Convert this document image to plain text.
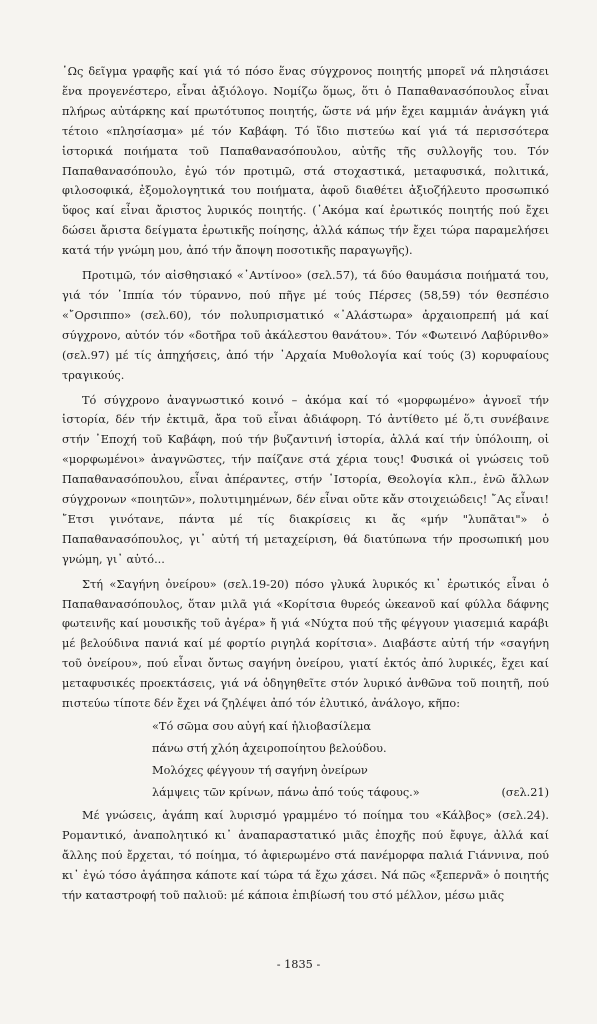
῾Ως δεῖγμα γραφῆς καί γιά τό πόσο ἕνας σύγχρονος ποιητής μπορεῖ νά πλησιάσει ἕνα προγενέστερο, εἶναι ἀξιόλογο. Νομίζω ὅμως, ὅτι ὁ Παπαθανασόπουλος εἶναι πλήρως αὐτάρκης καί πρωτότυπος ποιητής, ὥστε νά μήν ἔχει καμμιάν ἀνάγκη γιά τέτοιο «πλησίασμα» μέ τόν Καβάφη. Τό ἴδιο πιστεύω καί γιά τά περισσότερα ἱστορικά ποιήματα τοῦ Παπαθανασόπουλου, αὐτῆς τῆς συλλογῆς του. Τόν Παπαθανασόπουλο, ἐγώ τόν προτιμῶ, στά στοχαστικά, μεταφυσικά, πολιτικά, φιλοσοφικά, ἐξομολογητικά του ποιήματα, ἀφοῦ διαθέτει ἀξιοζήλευτο προσωπικό ὕφος καί εἶναι ἄριστος λυρικός ποιητής. (᾿Ακόμα καί ἐρωτικός ποιητής πού ἔχει δώσει ἄριστα δείγματα ἐρωτικῆς ποίησης, ἀλλά κάπως τήν ἔχει τώρα παραμελήσει κατά τήν γνώμη μου, ἀπό τήν ἄποψη ποσοτικῆς παραγωγῆς).

Προτιμῶ, τόν αἰσθησιακό «᾿Αντίνοο» (σελ.57), τά δύο θαυμάσια ποιήματά του, γιά τόν ῾Ιππία τόν τύραννο, πού πῆγε μέ τούς Πέρσες (58,59) τόν θεσπέσιο «῎Ορσιππο» (σελ.60), τόν πολυπρισματικό «᾿Αλάστωρα» ἀρχαιοπρεπή μά καί σύγχρονο, αὐτόν τόν «δοτῆρα τοῦ ἀκάλεστου θανάτου». Τόν «Φωτεινό Λαβύρινθο» (σελ.97) μέ τίς ἀπηχήσεις, ἀπό τήν ᾿Αρχαία Μυθολογία καί τούς (3) κορυφαίους τραγικούς.

Τό σύγχρονο ἀναγνωστικό κοινό – ἀκόμα καί τό «μορφωμένο» ἀγνοεῖ τήν ἱστορία, δέν τήν ἐκτιμᾶ, ἄρα τοῦ εἶναι ἀδιάφορη. Τό ἀντίθετο μέ ὅ,τι συνέβαινε στήν ᾿Εποχή τοῦ Καβάφη, πού τήν βυζαντινή ἱστορία, ἀλλά καί τήν ὑπόλοιπη, οἱ «μορφωμένοι» ἀναγνῶστες, τήν παίζανε στά χέρια τους! Φυσικά οἱ γνώσεις τοῦ Παπαθανασόπουλου, εἶναι ἀπέραντες, στήν ῾Ιστορία, Θεολογία κλπ., ἐνῶ ἄλλων σύγχρονων «ποιητῶν», πολυτιμημένων, δέν εἶναι οὔτε κἄν στοιχειώδεις! ῎Ας εἶναι! ῎Ετσι γινότανε, πάντα μέ τίς διακρίσεις κι ἄς «μήν "λυπᾶται"» ὁ Παπαθανασόπουλος, γι᾿ αὐτή τή μεταχείριση, θά διατύπωνα τήν προσωπική μου γνώμη, γι᾿ αὐτό...

Στή «Σαγήνη ὀνείρου» (σελ.19-20) πόσο γλυκά λυρικός κι᾿ ἐρωτικός εἶναι ὁ Παπαθανασόπουλος, ὅταν μιλᾶ γιά «Κορίτσια θυρεός ὠκεανοῦ καί φύλλα δάφνης φωτεινῆς καί μουσικῆς τοῦ ἀγέρα» ἤ γιά «Νύχτα πού τῆς φέγγουν γιασεμιά καράβι μέ βελούδινα πανιά καί μέ φορτίο ριγηλά κορίτσια». Διαβάστε αὐτή τήν «σαγήνη τοῦ ὀνείρου», πού εἶναι ὄντως σαγήνη ὀνείρου, γιατί ἐκτός ἀπό λυρικές, ἔχει καί μεταφυσικές προεκτάσεις, γιά νά ὁδηγηθεῖτε στόν λυρικό ἀνθῶνα τοῦ ποιητῆ, πού πιστεύω τίποτε δέν ἔχει νά ζηλέψει ἀπό τόν ἐλυτικό, ἀνάλογο, κῆπο:

«Τό σῶμα σου αὐγή καί ἠλιοβασίλεμα
πάνω στή χλόη ἀχειροποίητου βελούδου.
Μολόχες φέγγουν τή σαγήνη ὀνείρων
λάμψεις τῶν κρίνων, πάνω ἀπό τούς τάφους.»	(σελ.21)

Μέ γνώσεις, ἀγάπη καί λυρισμό γραμμένο τό ποίημα του «Κάλβος» (σελ.24). Ρομαντικό, ἀναπολητικό κι᾿ ἀναπαραστατικό μιᾶς ἐποχῆς πού ἔφυγε, ἀλλά καί ἄλλης πού ἔρχεται, τό ποίημα, τό ἀφιερωμένο στά πανέμορφα παλιά Γιάννινα, πού κι᾿ ἐγώ τόσο ἀγάπησα κάποτε καί τώρα τά ἔχω χάσει. Νά πῶς «ξεπερνᾶ» ὁ ποιητής τήν καταστροφή τοῦ παλιοῦ: μέ κάποια ἐπιβίωσή του στό μέλλον, μέσω μιᾶς

- 1835 -
